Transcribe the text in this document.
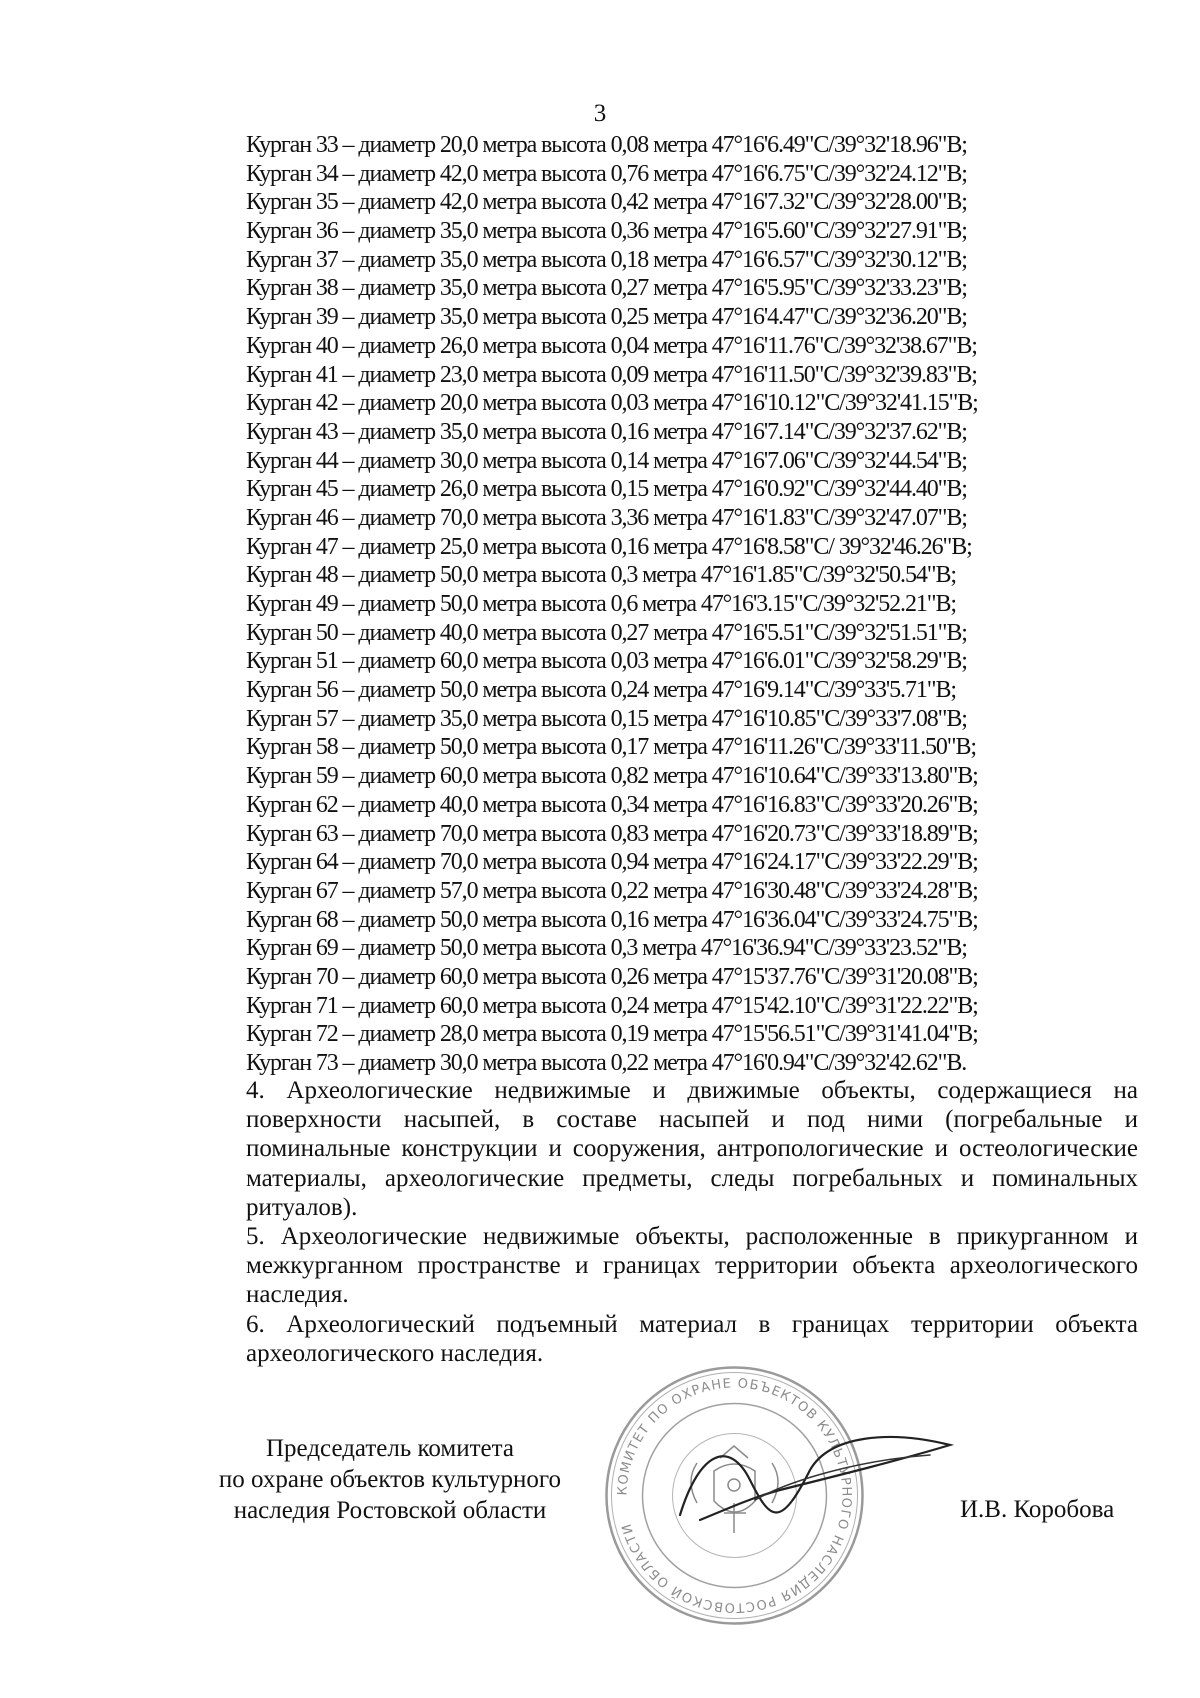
3
Курган 33 – диаметр 20,0 метра высота 0,08 метра 47°16'6.49"С/39°32'18.96"В;
Курган 34 – диаметр 42,0 метра высота 0,76 метра 47°16'6.75"С/39°32'24.12"В;
Курган 35 – диаметр 42,0 метра высота 0,42 метра 47°16'7.32"С/39°32'28.00"В;
Курган 36 – диаметр 35,0 метра высота 0,36 метра 47°16'5.60"С/39°32'27.91"В;
Курган 37 – диаметр 35,0 метра высота 0,18 метра 47°16'6.57"С/39°32'30.12"В;
Курган 38 – диаметр 35,0 метра высота 0,27 метра 47°16'5.95"С/39°32'33.23"В;
Курган 39 – диаметр 35,0 метра высота 0,25 метра 47°16'4.47"С/39°32'36.20"В;
Курган 40 – диаметр 26,0 метра высота 0,04 метра 47°16'11.76"С/39°32'38.67"В;
Курган 41 – диаметр 23,0 метра высота 0,09 метра 47°16'11.50"С/39°32'39.83"В;
Курган 42 – диаметр 20,0 метра высота 0,03 метра 47°16'10.12"С/39°32'41.15"В;
Курган 43 – диаметр 35,0 метра высота 0,16 метра 47°16'7.14"С/39°32'37.62"В;
Курган 44 – диаметр 30,0 метра высота 0,14 метра 47°16'7.06"С/39°32'44.54"В;
Курган 45 – диаметр 26,0 метра высота 0,15 метра 47°16'0.92"С/39°32'44.40"В;
Курган 46 – диаметр 70,0 метра высота 3,36 метра 47°16'1.83"С/39°32'47.07"В;
Курган 47 – диаметр 25,0 метра высота 0,16 метра 47°16'8.58"С/ 39°32'46.26"В;
Курган 48 – диаметр 50,0 метра высота 0,3 метра 47°16'1.85"С/39°32'50.54"В;
Курган 49 – диаметр 50,0 метра высота 0,6 метра 47°16'3.15"С/39°32'52.21"В;
Курган 50 – диаметр 40,0 метра высота 0,27 метра 47°16'5.51"С/39°32'51.51"В;
Курган 51 – диаметр 60,0 метра высота 0,03 метра 47°16'6.01"С/39°32'58.29"В;
Курган 56 – диаметр 50,0 метра высота 0,24 метра 47°16'9.14"С/39°33'5.71"В;
Курган 57 – диаметр 35,0 метра высота 0,15 метра 47°16'10.85"С/39°33'7.08"В;
Курган 58 – диаметр 50,0 метра высота 0,17 метра 47°16'11.26"С/39°33'11.50"В;
Курган 59 – диаметр 60,0 метра высота 0,82 метра 47°16'10.64"С/39°33'13.80"В;
Курган 62 – диаметр 40,0 метра высота 0,34 метра 47°16'16.83"С/39°33'20.26"В;
Курган 63 – диаметр 70,0 метра высота 0,83 метра 47°16'20.73"С/39°33'18.89"В;
Курган 64 – диаметр 70,0 метра высота 0,94 метра 47°16'24.17"С/39°33'22.29"В;
Курган 67 – диаметр 57,0 метра высота 0,22 метра 47°16'30.48"С/39°33'24.28"В;
Курган 68 – диаметр 50,0 метра высота 0,16 метра 47°16'36.04"С/39°33'24.75"В;
Курган 69 – диаметр 50,0 метра высота 0,3 метра 47°16'36.94"С/39°33'23.52"В;
Курган 70 – диаметр 60,0 метра высота 0,26 метра 47°15'37.76"С/39°31'20.08"В;
Курган 71 – диаметр 60,0 метра высота 0,24 метра 47°15'42.10"С/39°31'22.22"В;
Курган 72 – диаметр 28,0 метра высота 0,19 метра 47°15'56.51"С/39°31'41.04"В;
Курган 73 – диаметр 30,0 метра высота 0,22 метра 47°16'0.94"С/39°32'42.62"В.
4. Археологические недвижимые и движимые объекты, содержащиеся на поверхности насыпей, в составе насыпей и под ними (погребальные и поминальные конструкции и сооружения, антропологические и остеологические материалы, археологические предметы, следы погребальных и поминальных ритуалов).
5. Археологические недвижимые объекты, расположенные в прикурганном и межкурганном пространстве и границах территории объекта археологического наследия.
6. Археологический подъемный материал в границах территории объекта археологического наследия.
КОМИТЕТ ПО ОХРАНЕ ОБЪЕКТОВ КУЛЬТУРНОГО НАСЛЕДИЯ РОСТОВСКОЙ ОБЛАСТИ
Председатель комитета
по охране объектов культурного
наследия Ростовской области	И.В. Коробова
